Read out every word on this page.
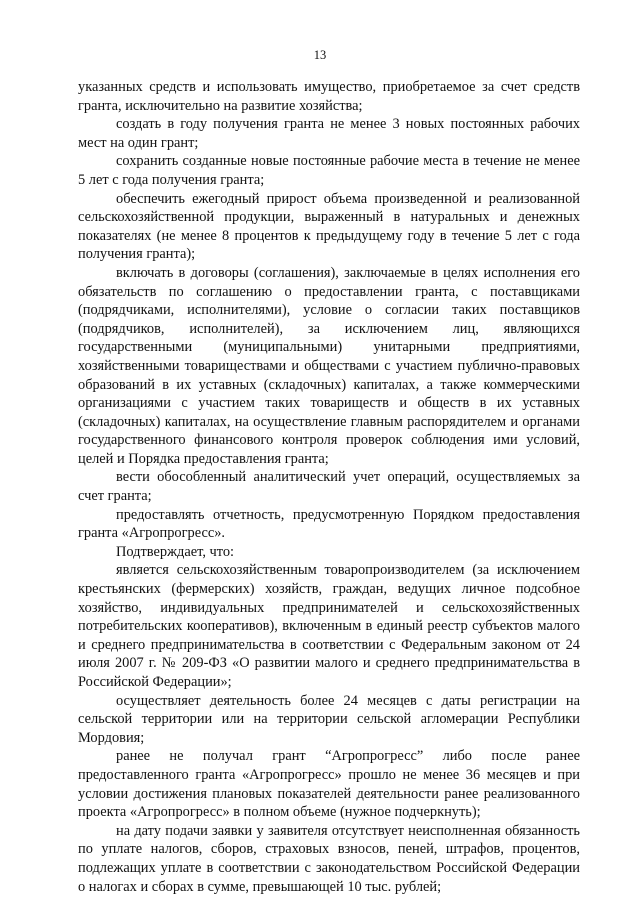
13

указанных средств и использовать имущество, приобретаемое за счет средств гранта, исключительно на развитие хозяйства;

создать в году получения гранта не менее 3 новых постоянных рабочих мест на один грант;

сохранить созданные новые постоянные рабочие места в течение не менее 5 лет с года получения гранта;

обеспечить ежегодный прирост объема произведенной и реализованной сельскохозяйственной продукции, выраженный в натуральных и денежных показателях (не менее 8 процентов к предыдущему году в течение 5 лет с года получения гранта);

включать в договоры (соглашения), заключаемые в целях исполнения его обязательств по соглашению о предоставлении гранта, с поставщиками (подрядчиками, исполнителями), условие о согласии таких поставщиков (подрядчиков, исполнителей), за исключением лиц, являющихся государственными (муниципальными) унитарными предприятиями, хозяйственными товариществами и обществами с участием публично-правовых образований в их уставных (складочных) капиталах, а также коммерческими организациями с участием таких товариществ и обществ в их уставных (складочных) капиталах, на осуществление главным распорядителем и органами государственного финансового контроля проверок соблюдения ими условий, целей и Порядка предоставления гранта;

вести обособленный аналитический учет операций, осуществляемых за счет гранта;

предоставлять отчетность, предусмотренную Порядком предоставления гранта «Агропрогресс».

Подтверждает, что:

является сельскохозяйственным товаропроизводителем (за исключением крестьянских (фермерских) хозяйств, граждан, ведущих личное подсобное хозяйство, индивидуальных предпринимателей и сельскохозяйственных потребительских кооперативов), включенным в единый реестр субъектов малого и среднего предпринимательства в соответствии с Федеральным законом от 24 июля 2007 г. № 209-ФЗ «О развитии малого и среднего предпринимательства в Российской Федерации»;

осуществляет деятельность более 24 месяцев с даты регистрации на сельской территории или на территории сельской агломерации Республики Мордовия;

ранее не получал грант “Агропрогресс” либо после ранее предоставленного гранта «Агропрогресс» прошло не менее 36 месяцев и при условии достижения плановых показателей деятельности ранее реализованного проекта «Агропрогресс» в полном объеме (нужное подчеркнуть);

на дату подачи заявки у заявителя отсутствует неисполненная обязанность по уплате налогов, сборов, страховых взносов, пеней, штрафов, процентов, подлежащих уплате в соответствии с законодательством Российской Федерации о налогах и сборах в сумме, превышающей 10 тыс. рублей;
